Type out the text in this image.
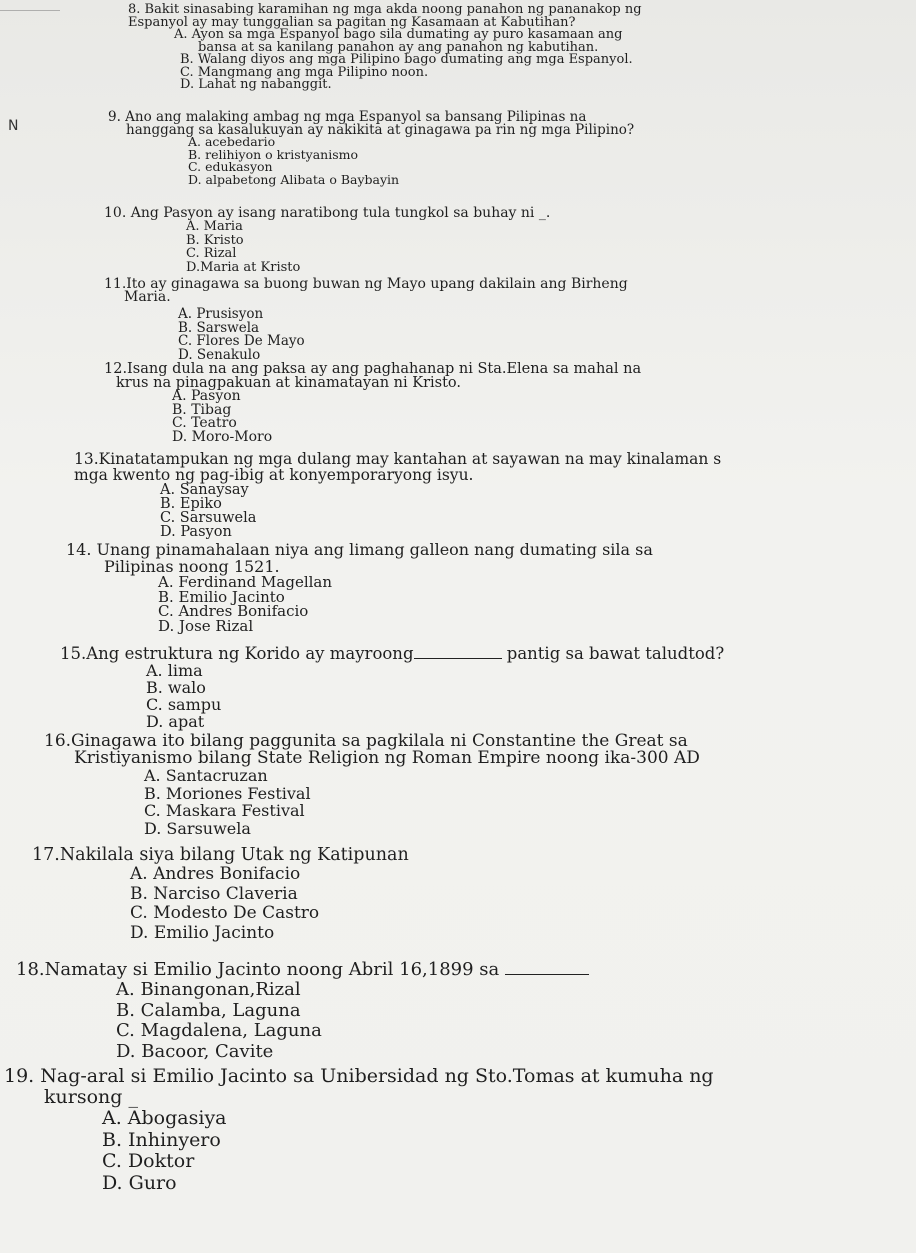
N
8. Bakit sinasabing karamihan ng mga akda noong panahon ng pananakop ng
Espanyol ay may tunggalian sa pagitan ng Kasamaan at Kabutihan?
A. Ayon sa mga Espanyol bago sila dumating ay puro kasamaan ang
bansa at sa kanilang panahon ay ang panahon ng kabutihan.
B. Walang diyos ang mga Pilipino bago dumating ang mga Espanyol.
C. Mangmang ang mga Pilipino noon.
D. Lahat ng nabanggit.
9. Ano ang malaking ambag ng mga Espanyol sa bansang Pilipinas na
hanggang sa kasalukuyan ay nakikita at ginagawa pa rin ng mga Pilipino?
A. acebedario
B. relihiyon o kristyanismo
C. edukasyon
D. alpabetong Alibata o Baybayin
10. Ang Pasyon ay isang naratibong tula tungkol sa buhay ni _.
A. Maria
B. Kristo
C. Rizal
D.Maria at Kristo
11.Ito ay ginagawa sa buong buwan ng Mayo upang dakilain ang Birheng
Maria.
A. Prusisyon
B. Sarswela
C. Flores De Mayo
D. Senakulo
12.Isang dula na ang paksa ay ang paghahanap ni Sta.Elena sa mahal na
krus na pinagpakuan at kinamatayan ni Kristo.
A. Pasyon
B. Tibag
C. Teatro
D. Moro-Moro
13.Kinatatampukan ng mga dulang may kantahan at sayawan na may kinalaman s
mga kwento ng pag-ibig at konyemporaryong isyu.
A. Sanaysay
B. Epiko
C. Sarsuwela
D. Pasyon
14. Unang pinamahalaan niya ang limang galleon nang dumating sila sa
Pilipinas noong 1521.
A. Ferdinand Magellan
B. Emilio Jacinto
C. Andres Bonifacio
D. Jose Rizal
15.Ang estruktura ng Korido ay mayroong	pantig sa bawat taludtod?
A. lima
B. walo
C. sampu
D. apat
16.Ginagawa ito bilang paggunita sa pagkilala ni Constantine the Great sa
Kristiyanismo bilang State Religion ng Roman Empire noong ika-300 AD
A. Santacruzan
B. Moriones Festival
C. Maskara Festival
D. Sarsuwela
17.Nakilala siya bilang Utak ng Katipunan
A. Andres Bonifacio
B. Narciso Claveria
C. Modesto De Castro
D. Emilio Jacinto
18.Namatay si Emilio Jacinto noong Abril 16,1899 sa
A. Binangonan,Rizal
B. Calamba, Laguna
C. Magdalena, Laguna
D. Bacoor, Cavite
19. Nag-aral si Emilio Jacinto sa Unibersidad ng Sto.Tomas at kumuha ng
kursong _
A. Abogasiya
B. Inhinyero
C. Doktor
D. Guro
